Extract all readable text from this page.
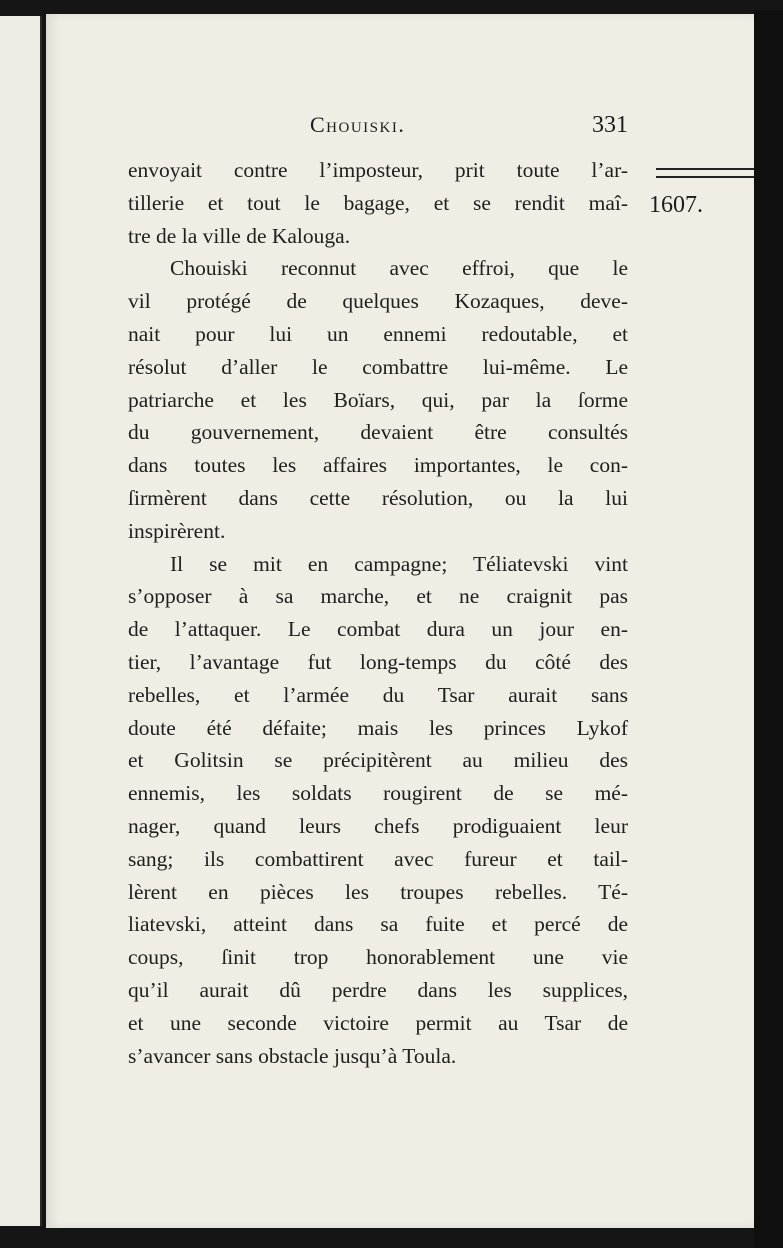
Chouiski.	331
1607.

envoyait contre l’imposteur, prit toute l’ar-
tillerie et tout le bagage, et se rendit maî-
tre de la ville de Kalouga.

Chouiski reconnut avec effroi, que le
vil protégé de quelques Kozaques, deve-
nait pour lui un ennemi redoutable, et
résolut d’aller le combattre lui-même. Le
patriarche et les Boïars, qui, par la ſorme
du gouvernement, devaient être consultés
dans toutes les affaires importantes, le con-
ſirmèrent dans cette résolution, ou la lui
inspirèrent.

Il se mit en campagne; Téliatevski vint
s’opposer à sa marche, et ne craignit pas
de l’attaquer. Le combat dura un jour en-
tier, l’avantage fut long-temps du côté des
rebelles, et l’armée du Tsar aurait sans
doute été défaite; mais les princes Lykof
et Golitsin se précipitèrent au milieu des
ennemis, les soldats rougirent de se mé-
nager, quand leurs chefs prodiguaient leur
sang; ils combattirent avec fureur et tail-
lèrent en pièces les troupes rebelles. Té-
liatevski, atteint dans sa fuite et percé de
coups, ſinit trop honorablement une vie
qu’il aurait dû perdre dans les supplices,
et une seconde victoire permit au Tsar de
s’avancer sans obstacle jusqu’à Toula.
